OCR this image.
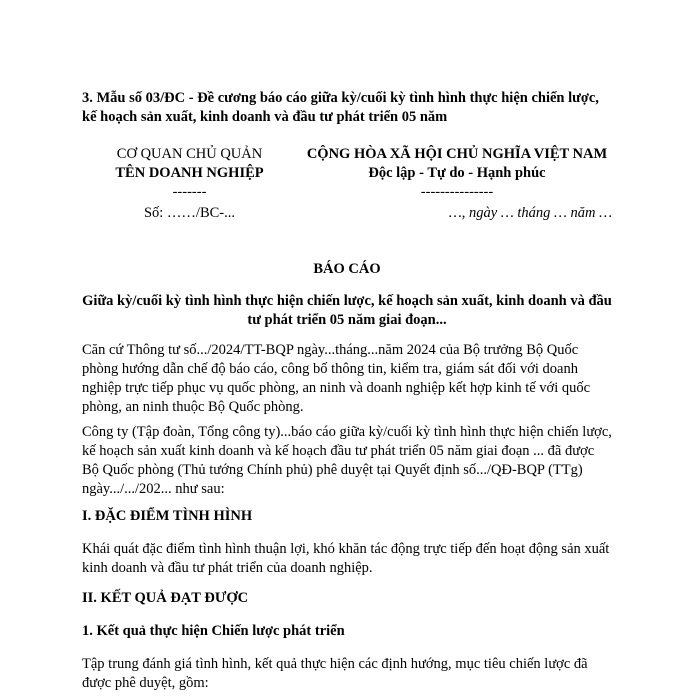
3. Mẫu số 03/ĐC - Đề cương báo cáo giữa kỳ/cuối kỳ tình hình thực hiện chiến lược, kế hoạch sản xuất, kinh doanh và đầu tư phát triển 05 năm
CƠ QUAN CHỦ QUẢN
TÊN DOANH NGHIỆP
-------
CỘNG HÒA XÃ HỘI CHỦ NGHĨA VIỆT NAM
Độc lập - Tự do - Hạnh phúc
---------------
Số: ……/BC-...	…, ngày … tháng … năm …
BÁO CÁO
Giữa kỳ/cuối kỳ tình hình thực hiện chiến lược, kế hoạch sản xuất, kinh doanh và đầu tư phát triển 05 năm giai đoạn...
Căn cứ Thông tư số.../2024/TT-BQP ngày...tháng...năm 2024 của Bộ trưởng Bộ Quốc phòng hướng dẫn chế độ báo cáo, công bố thông tin, kiểm tra, giám sát đối với doanh nghiệp trực tiếp phục vụ quốc phòng, an ninh và doanh nghiệp kết hợp kinh tế với quốc phòng, an ninh thuộc Bộ Quốc phòng.
Công ty (Tập đoàn, Tổng công ty)...báo cáo giữa kỳ/cuối kỳ tình hình thực hiện chiến lược, kế hoạch sản xuất kinh doanh và kế hoạch đầu tư phát triển 05 năm giai đoạn ... đã được Bộ Quốc phòng (Thủ tướng Chính phủ) phê duyệt tại Quyết định số.../QĐ-BQP (TTg) ngày.../.../202... như sau:
I. ĐẶC ĐIỂM TÌNH HÌNH
Khái quát đặc điểm tình hình thuận lợi, khó khăn tác động trực tiếp đến hoạt động sản xuất kinh doanh và đầu tư phát triển của doanh nghiệp.
II. KẾT QUẢ ĐẠT ĐƯỢC
1. Kết quả thực hiện Chiến lược phát triển
Tập trung đánh giá tình hình, kết quả thực hiện các định hướng, mục tiêu chiến lược đã được phê duyệt, gồm:
